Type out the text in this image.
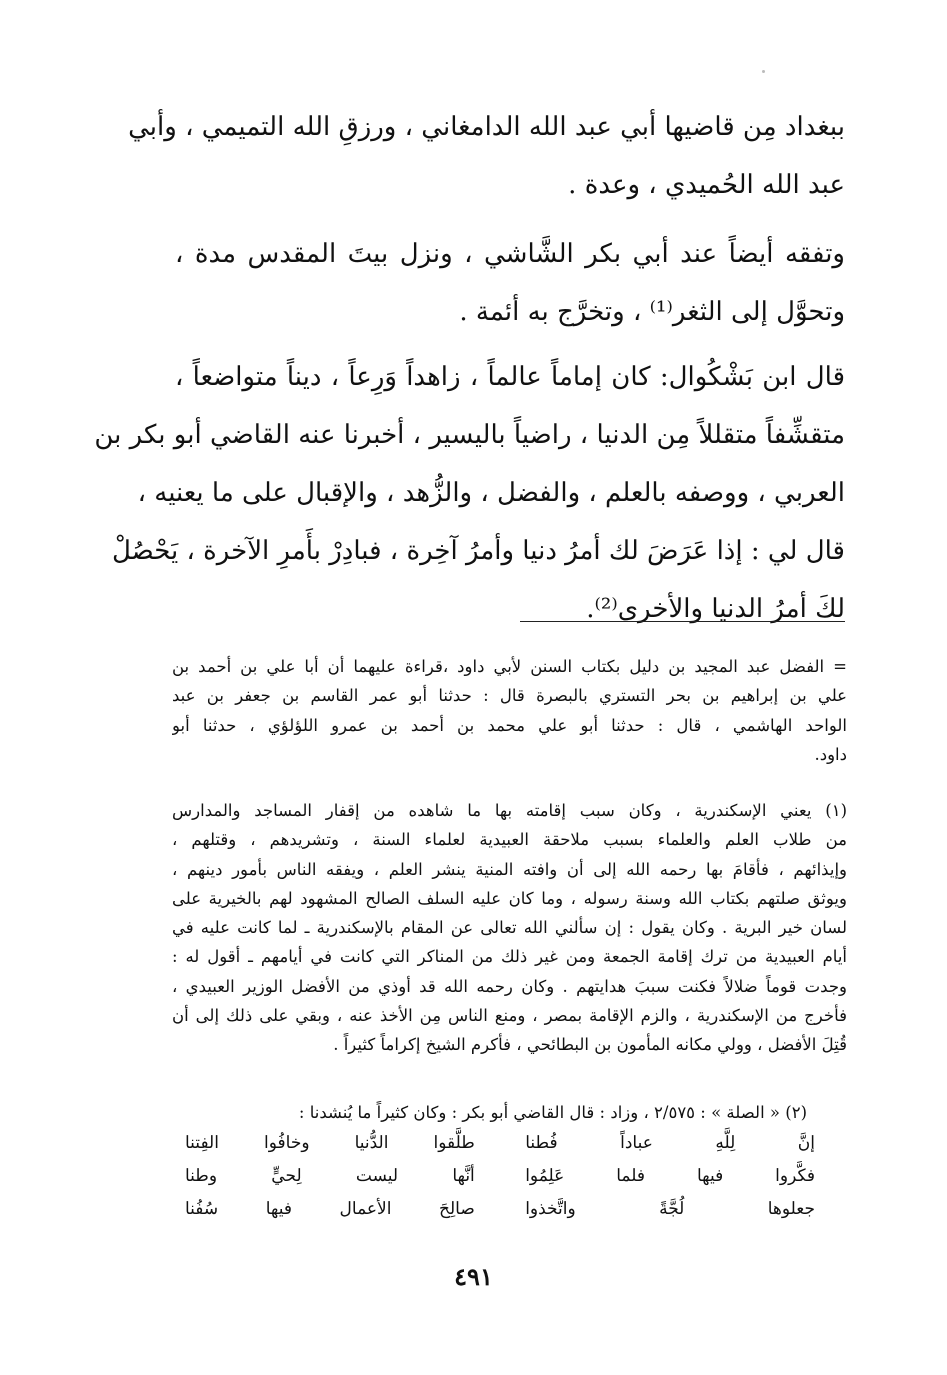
ببغداد مِن قاضيها أبي عبد الله الدامغاني ، ورزقِ الله التميمي ، وأبي
عبد الله الحُميدي ، وعدة .
وتفقه أيضاً عند أبي بكر الشَّاشي ، ونزل بيتَ المقدس مدة ،
وتحوَّل إلى الثغر⁽¹⁾ ، وتخرَّج به أئمة .
قال ابن بَشْكُوال: كان إماماً عالماً ، زاهداً وَرِعاً ، ديناً متواضعاً ،
متقشِّفاً متقللاً مِن الدنيا ، راضياً باليسير ، أخبرنا عنه القاضي أبو بكر بن
العربي ، ووصفه بالعلم ، والفضل ، والزُّهد ، والإقبال على ما يعنيه ،
قال لي : إذا عَرَضَ لك أمرُ دنيا وأمرُ آخِرة ، فبادِرْ بأَمرِ الآخرة ، يَحْصُلْ
لكَ أمرُ الدنيا والأخرى⁽²⁾.
= الفضل عبد المجيد بن دليل بكتاب السنن لأبي داود ،قراءة عليهما أن أبا علي بن أحمد بن
علي بن إبراهيم بن بحر التستري بالبصرة قال : حدثنا أبو عمر القاسم بن جعفر بن عبد
الواحد الهاشمي ، قال : حدثنا أبو علي محمد بن أحمد بن عمرو اللؤلؤي ، حدثنا أبو
داود.
(١) يعني الإسكندرية ، وكان سبب إقامته بها ما شاهده من إقفار المساجد والمدارس
من طلاب العلم والعلماء بسبب ملاحقة العبيدية لعلماء السنة ، وتشريدهم ، وقتلهم ،
وإيذائهم ، فأقامَ بها رحمه الله إلى أن وافته المنية ينشر العلم ، ويفقه الناس بأمور دينهم ،
ويوثق صلتهم بكتاب الله وسنة رسوله ، وما كان عليه السلف الصالح المشهود لهم بالخيرية على
لسان خير البرية . وكان يقول : إن سألني الله تعالى عن المقام بالإسكندرية ـ لما كانت عليه في
أيام العبيدية من ترك إقامة الجمعة ومن غير ذلك من المناكر التي كانت في أيامهم ـ أقول له :
وجدت قوماً ضلالاً فكنت سببَ هدايتهم . وكان رحمه الله قد أوذي من الأفضل الوزير العبيدي ،
فأخرج من الإسكندرية ، والزم الإقامة بمصر ، ومنع الناس مِن الأخذ عنه ، وبقي على ذلك إلى أن
قُتِلَ الأفضل ، وولي مكانه المأمون بن البطائحي ، فأكرم الشيخ إكراماً كثيراً .
(٢) « الصلة » : ٢/٥٧٥ ، وزاد : قال القاضي أبو بكر : وكان كثيراً ما يُنشدنا :
إنَّ لِلَّهِ عباداً فُطنا
طلَّقوا الدُّنيا وخافُوا الفِتنا
فكَّروا فيها فلما عَلِمُوا
أنَّها ليست لِحيٍّ وطنا
جعلوها لُجَّةً واتَّخذوا
صالِحَ الأعمال فيها سُفُنا
٤٩١
